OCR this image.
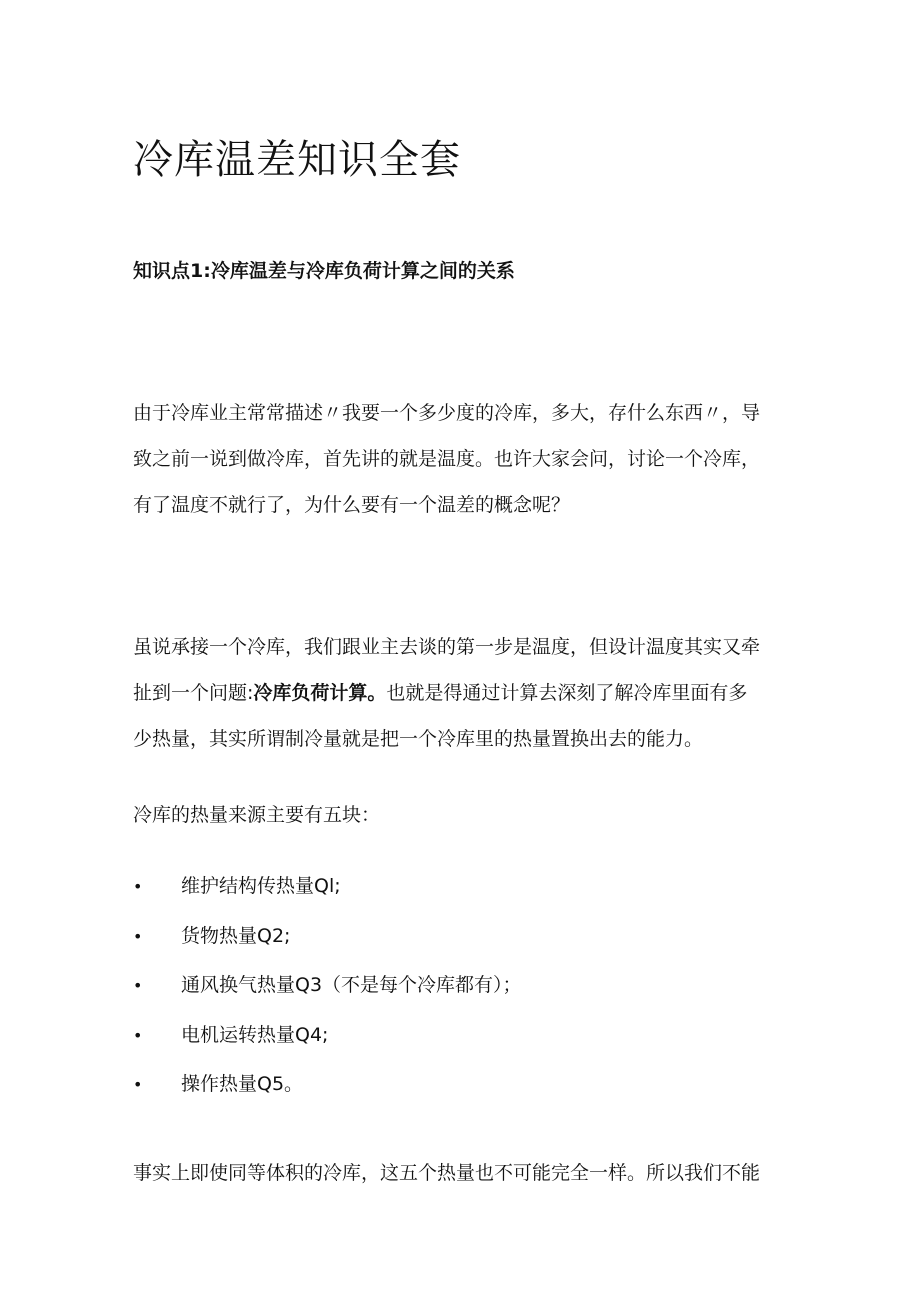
冷库温差知识全套
知识点1:冷库温差与冷库负荷计算之间的关系

由于冷库业主常常描述〃我要一个多少度的冷库，多大，存什么东西〃，导
致之前一说到做冷库，首先讲的就是温度。也许大家会问，讨论一个冷库，
有了温度不就行了，为什么要有一个温差的概念呢？

虽说承接一个冷库，我们跟业主去谈的第一步是温度，但设计温度其实又牵
扯到一个问题:冷库负荷计算。也就是得通过计算去深刻了解冷库里面有多
少热量，其实所谓制冷量就是把一个冷库里的热量置换出去的能力。

冷库的热量来源主要有五块：

• 维护结构传热量Ql;
• 货物热量Q2;
• 通风换气热量Q3（不是每个冷库都有）；
• 电机运转热量Q4;
• 操作热量Q5。

事实上即使同等体积的冷库，这五个热量也不可能完全一样。所以我们不能
